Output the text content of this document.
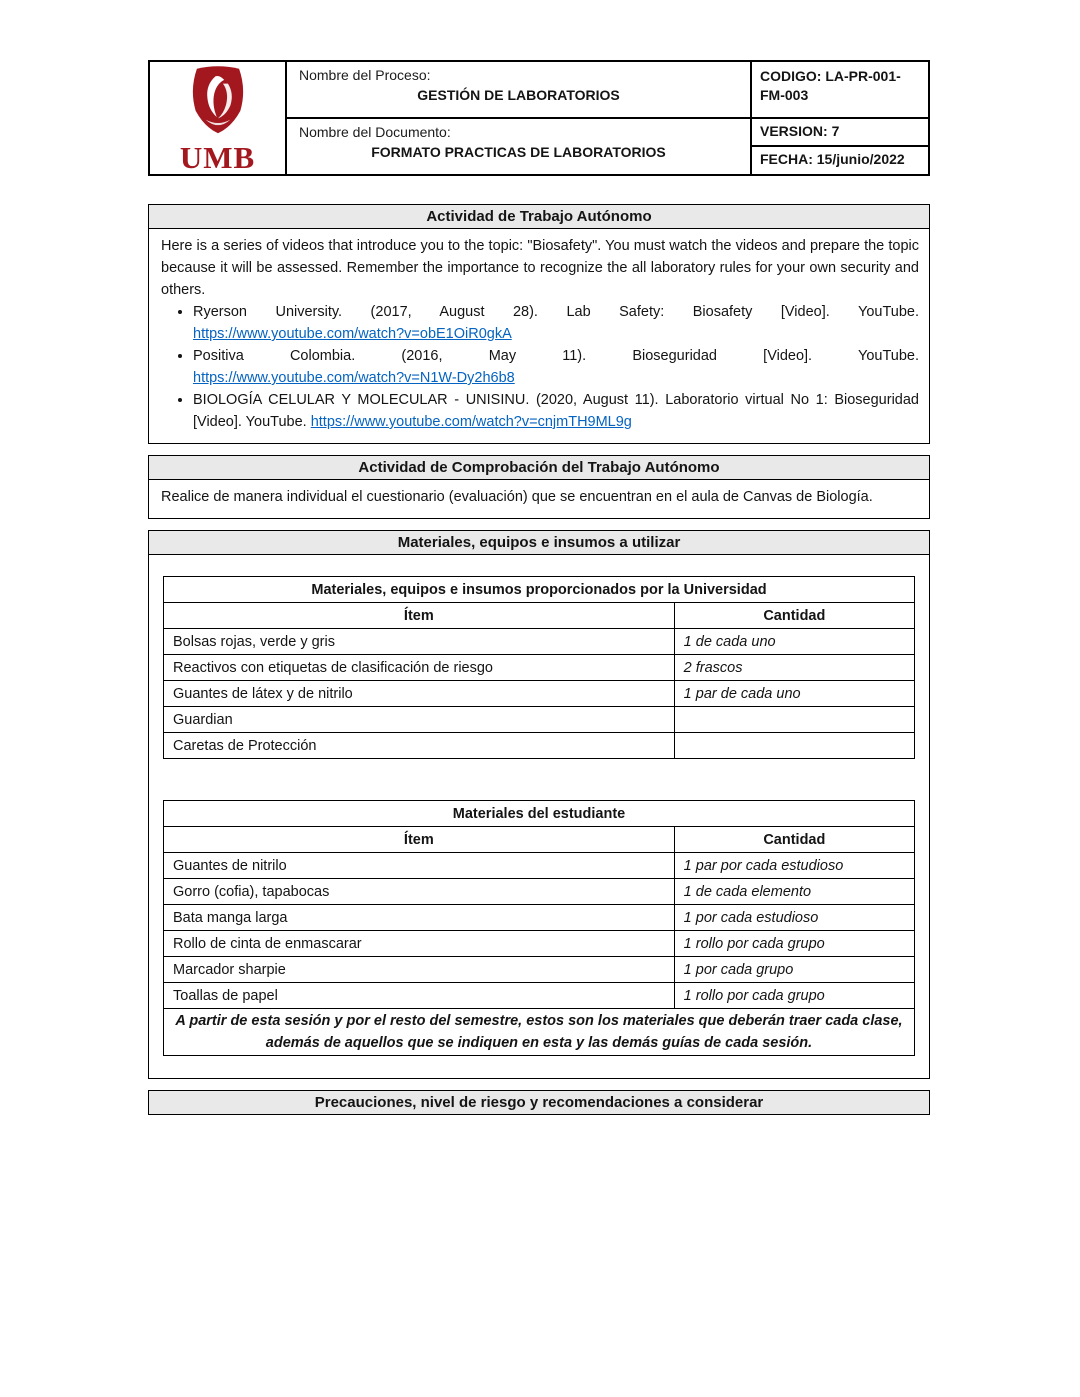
UMB
Nombre del Proceso:
GESTIÓN DE LABORATORIOS
CODIGO: LA-PR-001-FM-003
Nombre del Documento:
FORMATO PRACTICAS DE LABORATORIOS
VERSION: 7
FECHA: 15/junio/2022
Actividad de Trabajo Autónomo
Here is a series of videos that introduce you to the topic: "Biosafety". You must watch the videos and prepare the topic because it will be assessed. Remember the importance to recognize the all laboratory rules for your own security and others.
• Ryerson University. (2017, August 28). Lab Safety: Biosafety [Video]. YouTube. https://www.youtube.com/watch?v=obE1OiR0gkA
• Positiva Colombia. (2016, May 11). Bioseguridad [Video]. YouTube. https://www.youtube.com/watch?v=N1W-Dy2h6b8
• BIOLOGÍA CELULAR Y MOLECULAR - UNISINU. (2020, August 11). Laboratorio virtual No 1: Bioseguridad [Video]. YouTube. https://www.youtube.com/watch?v=cnjmTH9ML9g
Actividad de Comprobación del Trabajo Autónomo
Realice de manera individual el cuestionario (evaluación) que se encuentran en el aula de Canvas de Biología.
Materiales, equipos e insumos a utilizar
Materiales, equipos e insumos proporcionados por la Universidad	
Ítem	Cantidad
Bolsas rojas, verde y gris	1 de cada uno
Reactivos con etiquetas de clasificación de riesgo	2 frascos
Guantes de látex y de nitrilo	1 par de cada uno
Guardian	
Caretas de Protección	
Materiales del estudiante	
Ítem	Cantidad
Guantes de nitrilo	1 par por cada estudioso
Gorro (cofia), tapabocas	1 de cada elemento
Bata manga larga	1 por cada estudioso
Rollo de cinta de enmascarar	1 rollo por cada grupo
Marcador sharpie	1 por cada grupo
Toallas de papel	1 rollo por cada grupo
A partir de esta sesión y por el resto del semestre, estos son los materiales que deberán traer cada clase, además de aquellos que se indiquen en esta y las demás guías de cada sesión.	
Precauciones, nivel de riesgo y recomendaciones a considerar
